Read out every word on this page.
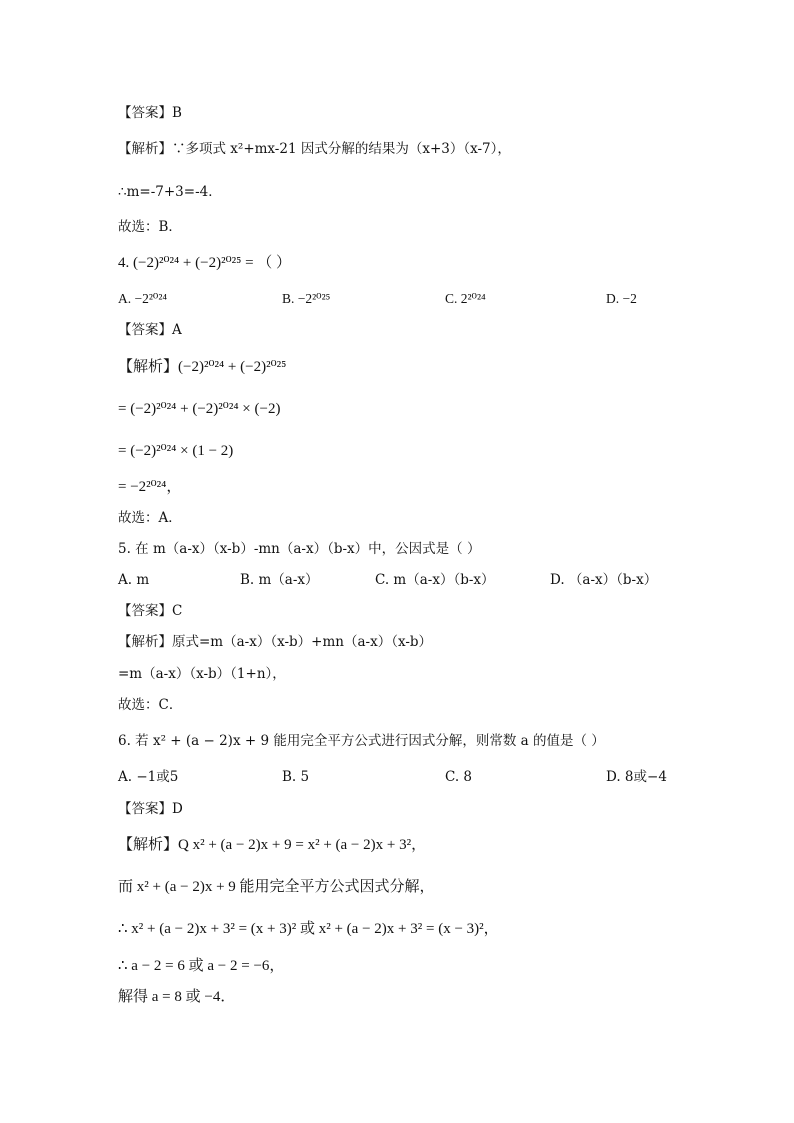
【答案】B
【解析】∵多项式 x²+mx-21 因式分解的结果为（x+3）（x-7），
∴m=-7+3=-4．
故选：B．
4. (−2)²⁰²⁴ + (−2)²⁰²⁵ = （ ）
A. −2²⁰²⁴	B. −2²⁰²⁵	C. 2²⁰²⁴	D. −2
【答案】A
【解析】(−2)²⁰²⁴ + (−2)²⁰²⁵
= (−2)²⁰²⁴ + (−2)²⁰²⁴ × (−2)
= (−2)²⁰²⁴ × (1 − 2)
= −2²⁰²⁴，
故选：A．
5. 在 m（a-x）（x-b）-mn（a-x）（b-x）中，公因式是（ ）
A. m	B. m（a-x）	C. m（a-x）（b-x）	D. （a-x）（b-x）
【答案】C
【解析】原式=m（a-x）（x-b）+mn（a-x）（x-b）
=m（a-x）（x-b）（1+n），
故选：C．
6. 若 x² + (a − 2)x + 9 能用完全平方公式进行因式分解，则常数 a 的值是（ ）
A. −1或5	B. 5	C. 8	D. 8或−4
【答案】D
【解析】Q x² + (a − 2)x + 9 = x² + (a − 2)x + 3²，
而 x² + (a − 2)x + 9 能用完全平方公式因式分解，
∴ x² + (a − 2)x + 3² = (x + 3)² 或 x² + (a − 2)x + 3² = (x − 3)²，
∴ a − 2 = 6 或 a − 2 = −6，
解得 a = 8 或 −4．
